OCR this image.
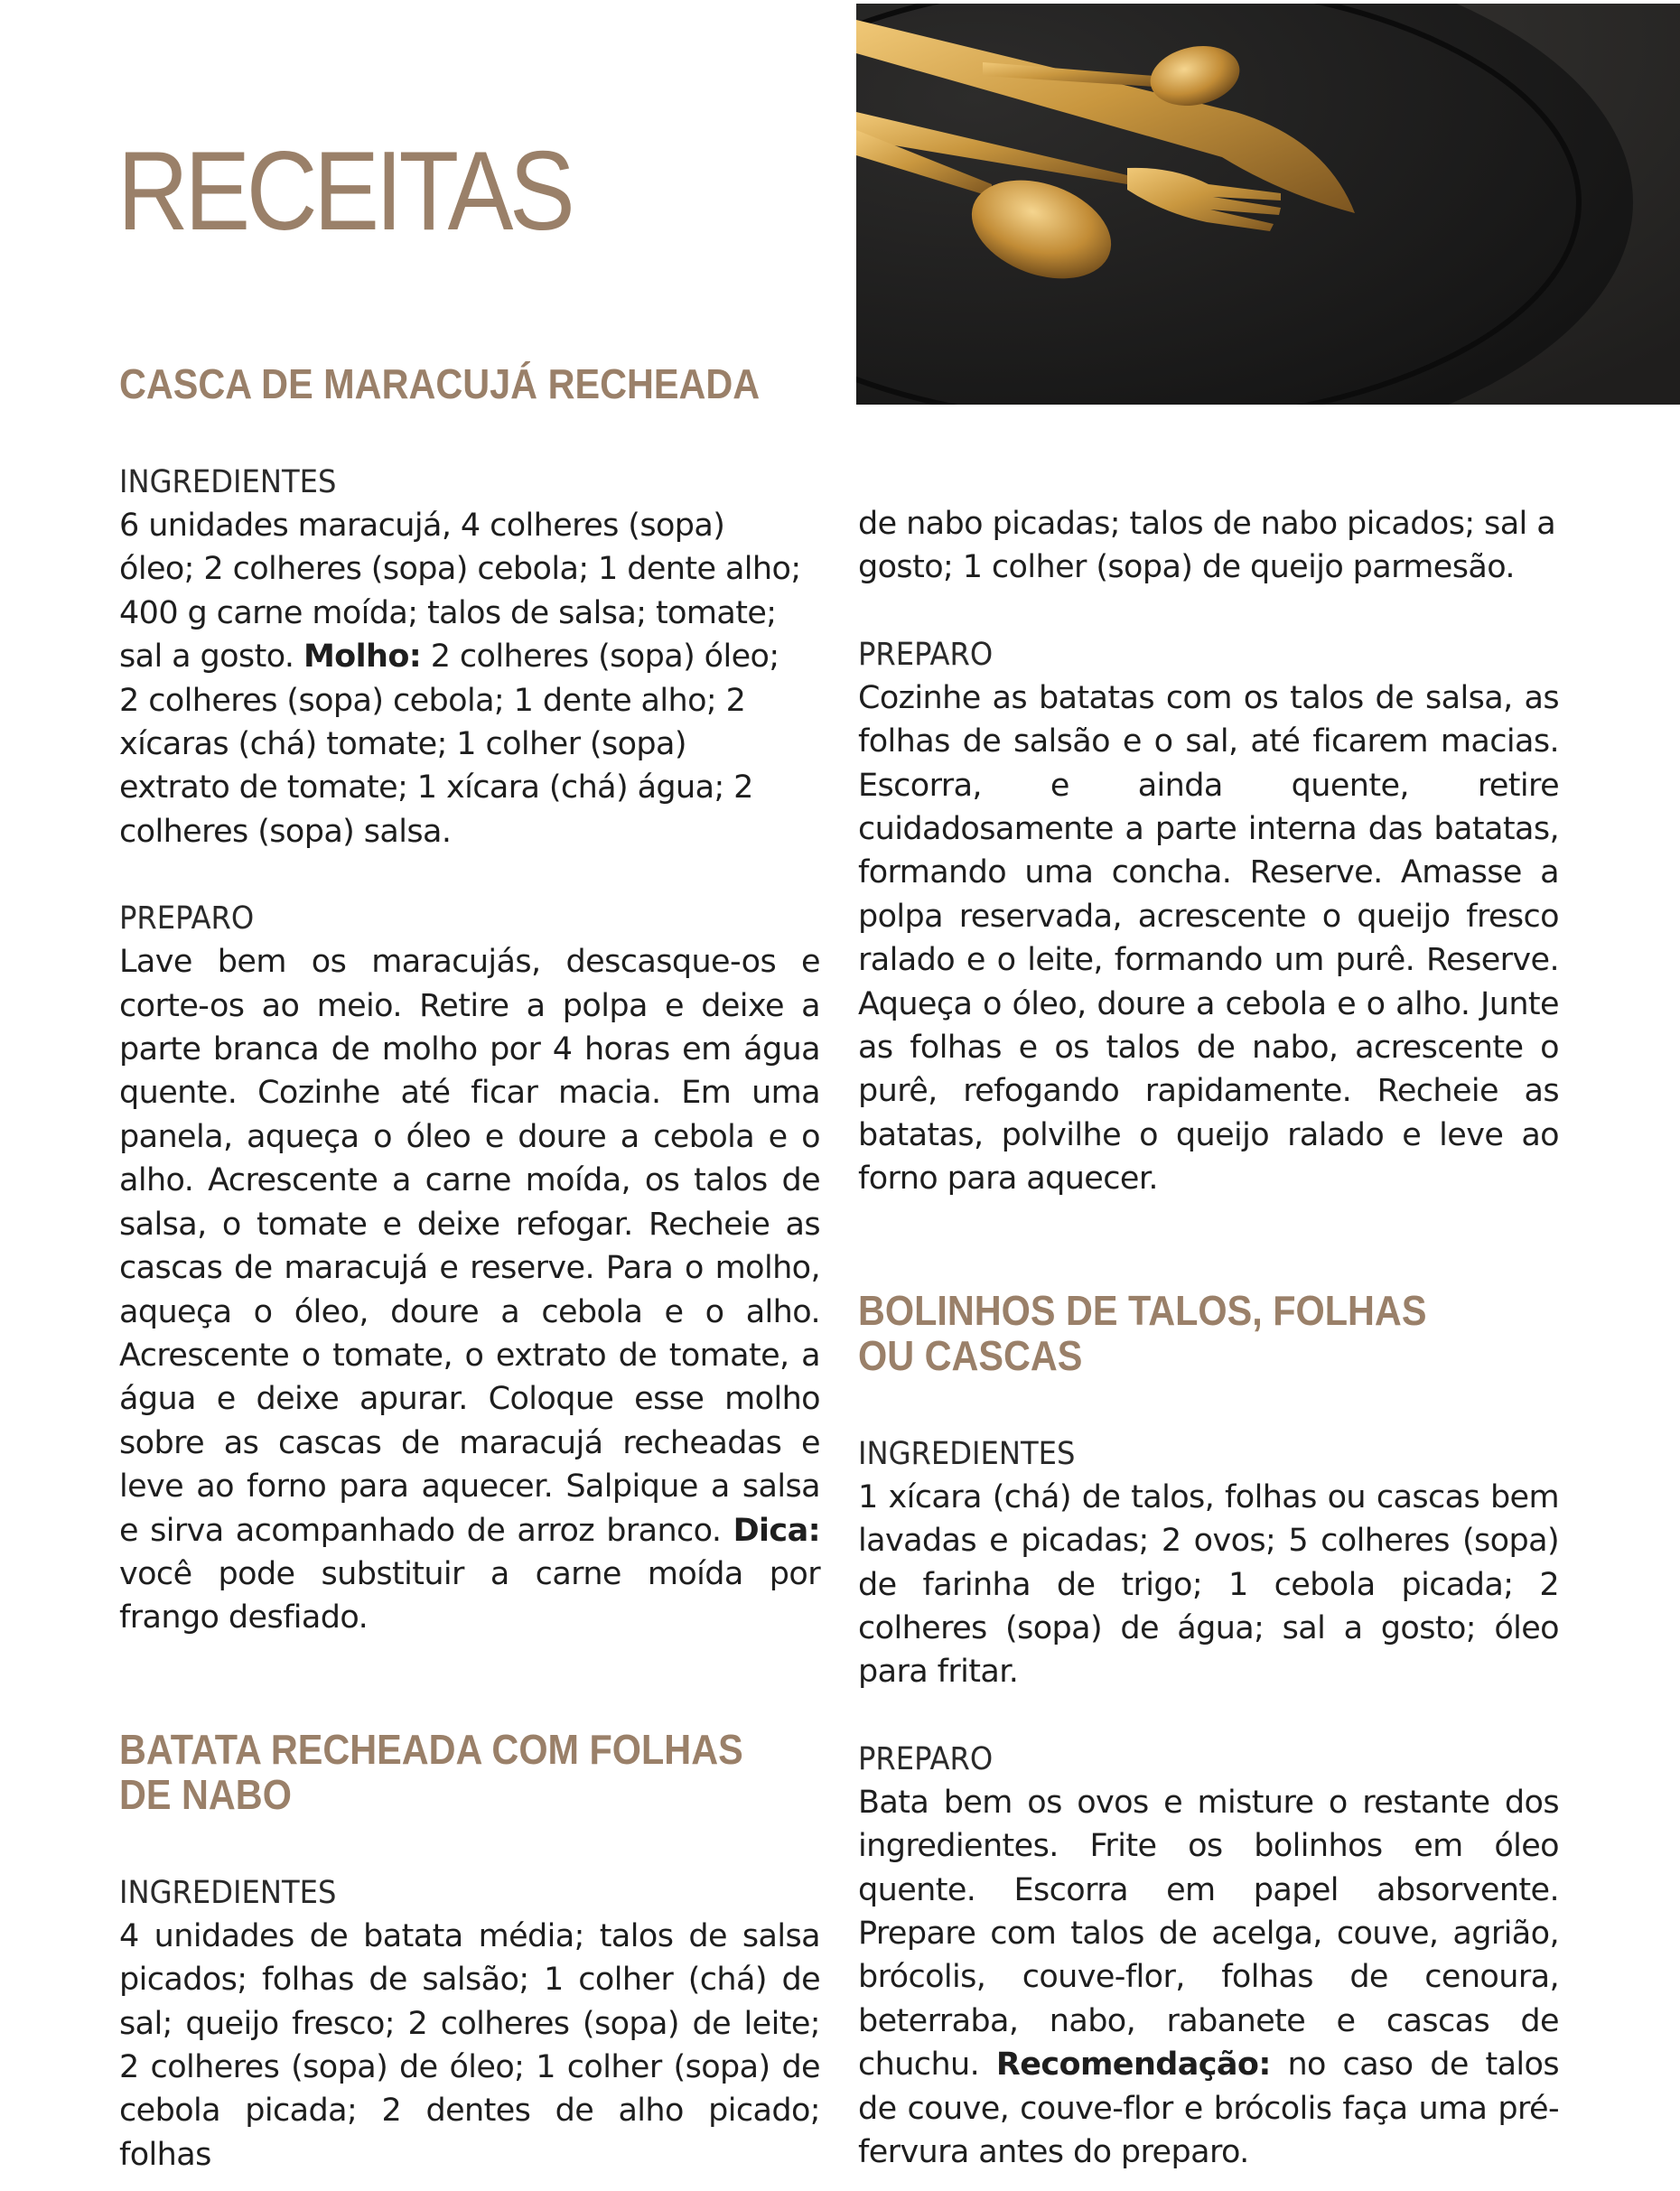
RECEITAS
CASCA DE MARACUJÁ RECHEADA

INGREDIENTES

6 unidades maracujá, 4 colheres (sopa) óleo; 2 colheres (sopa) cebola; 1 dente alho; 400 g carne moída; talos de salsa; tomate; sal a gosto. Molho: 2 colheres (sopa) óleo; 2 colheres (sopa) cebola; 1 dente alho; 2 xícaras (chá) tomate; 1 colher (sopa) extrato de tomate; 1 xícara (chá) água; 2 colheres (sopa) salsa.

PREPARO

Lave bem os maracujás, descasque-os e corte-os ao meio. Retire a polpa e deixe a parte branca de molho por 4 horas em água quente. Cozinhe até ficar macia. Em uma panela, aqueça o óleo e doure a cebola e o alho. Acrescente a carne moída, os talos de salsa, o tomate e deixe refogar. Recheie as cascas de maracujá e reserve. Para o molho, aqueça o óleo, doure a cebola e o alho. Acrescente o tomate, o extrato de tomate, a água e deixe apurar. Coloque esse molho sobre as cascas de maracujá recheadas e leve ao forno para aquecer. Salpique a salsa e sirva acompanhado de arroz branco. Dica: você pode substituir a carne moída por frango desfiado.

BATATA RECHEADA COM FOLHAS
DE NABO

INGREDIENTES

4 unidades de batata média; talos de salsa picados; folhas de salsão; 1 colher (chá) de sal; queijo fresco; 2 colheres (sopa) de leite; 2 colheres (sopa) de óleo; 1 colher (sopa) de cebola picada; 2 dentes de alho picado; folhas

de nabo picadas; talos de nabo picados; sal a gosto; 1 colher (sopa) de queijo parmesão.

PREPARO

Cozinhe as batatas com os talos de salsa, as folhas de salsão e o sal, até ficarem macias. Escorra, e ainda quente, retire cuidadosamente a parte interna das batatas, formando uma concha. Reserve. Amasse a polpa reservada, acrescente o queijo fresco ralado e o leite, formando um purê. Reserve. Aqueça o óleo, doure a cebola e o alho. Junte as folhas e os talos de nabo, acrescente o purê, refogando rapidamente. Recheie as batatas, polvilhe o queijo ralado e leve ao forno para aquecer.

BOLINHOS DE TALOS, FOLHAS
OU CASCAS

INGREDIENTES

1 xícara (chá) de talos, folhas ou cascas bem lavadas e picadas; 2 ovos; 5 colheres (sopa) de farinha de trigo; 1 cebola picada; 2 colheres (sopa) de água; sal a gosto; óleo para fritar.

PREPARO

Bata bem os ovos e misture o restante dos ingredientes. Frite os bolinhos em óleo quente. Escorra em papel absorvente. Prepare com talos de acelga, couve, agrião, brócolis, couve-flor, folhas de cenoura, beterraba, nabo, rabanete e cascas de chuchu. Recomendação: no caso de talos de couve, couve-flor e brócolis faça uma pré-fervura antes do preparo.
